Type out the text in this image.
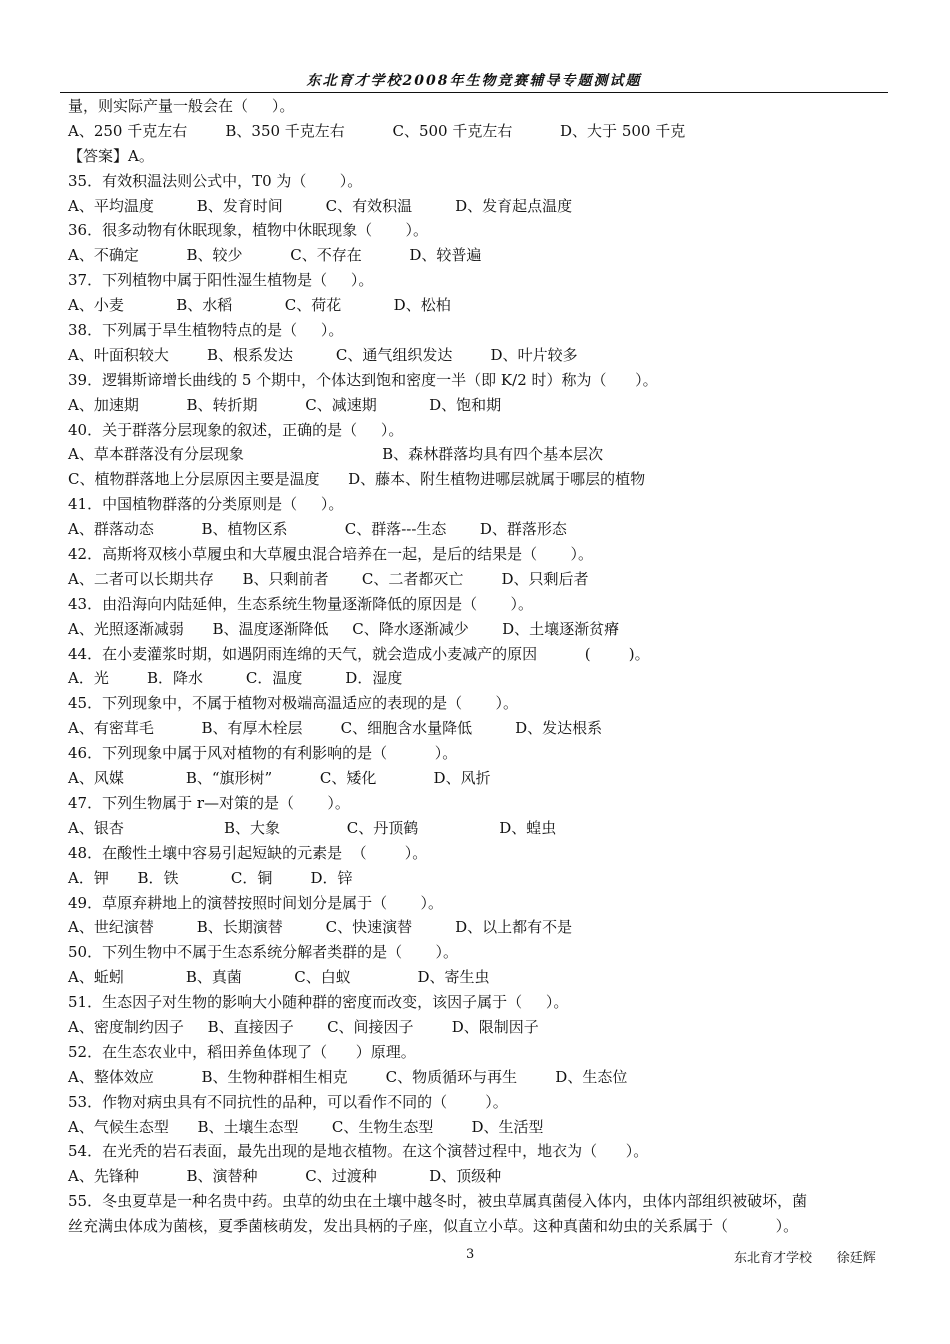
东北育才学校2008年生物竞赛辅导专题测试题
量，则实际产量一般会在（     ）。
A、250 千克左右        B、350 千克左右          C、500 千克左右          D、大于 500 千克
【答案】A。
35．有效积温法则公式中，T0 为（       ）。
A、平均温度         B、发育时间         C、有效积温         D、发育起点温度
36．很多动物有休眠现象，植物中休眠现象（       ）。
A、不确定          B、较少          C、不存在          D、较普遍
37．下列植物中属于阳性湿生植物是（     ）。
A、小麦           B、水稻           C、荷花           D、松柏
38．下列属于旱生植物特点的是（     ）。
A、叶面积较大        B、根系发达         C、通气组织发达        D、叶片较多
39．逻辑斯谛增长曲线的 5 个期中，个体达到饱和密度一半（即 K/2 时）称为（      ）。
A、加速期          B、转折期          C、减速期           D、饱和期
40．关于群落分层现象的叙述，正确的是（     ）。
A、草本群落没有分层现象                             B、森林群落均具有四个基本层次
C、植物群落地上分层原因主要是温度      D、藤本、附生植物进哪层就属于哪层的植物
41．中国植物群落的分类原则是（     ）。
A、群落动态          B、植物区系            C、群落---生态       D、群落形态
42．高斯将双核小草履虫和大草履虫混合培养在一起，是后的结果是（       ）。
A、二者可以长期共存      B、只剩前者       C、二者都灭亡        D、只剩后者
43．由沿海向内陆延伸，生态系统生物量逐渐降低的原因是（       ）。
A、光照逐渐减弱      B、温度逐渐降低     C、降水逐渐减少       D、土壤逐渐贫瘠
44．在小麦灌浆时期，如遇阴雨连绵的天气，就会造成小麦减产的原因          (        )。
A．光        B．降水         C．温度         D．湿度
45．下列现象中，不属于植物对极端高温适应的表现的是（       ）。
A、有密茸毛          B、有厚木栓层        C、细胞含水量降低         D、发达根系
46．下列现象中属于风对植物的有利影响的是（          ）。
A、风媒             B、“旗形树”          C、矮化            D、风折
47．下列生物属于 r—对策的是（       ）。
A、银杏                     B、大象              C、丹顶鹤                 D、蝗虫
48．在酸性土壤中容易引起短缺的元素是  （        ）。
A．钾      B．铁           C．铜        D．锌
49．草原弃耕地上的演替按照时间划分是属于（       ）。
A、世纪演替         B、长期演替         C、快速演替         D、以上都有不是
50．下列生物中不属于生态系统分解者类群的是（       ）。
A、蚯蚓             B、真菌           C、白蚁              D、寄生虫
51．生态因子对生物的影响大小随种群的密度而改变，该因子属于（     ）。
A、密度制约因子     B、直接因子       C、间接因子        D、限制因子
52．在生态农业中，稻田养鱼体现了（      ）原理。
A、整体效应          B、生物种群相生相克        C、物质循环与再生        D、生态位
53．作物对病虫具有不同抗性的品种，可以看作不同的（        ）。
A、气候生态型      B、土壤生态型       C、生物生态型        D、生活型
54．在光秃的岩石表面，最先出现的是地衣植物。在这个演替过程中，地衣为（      ）。
A、先锋种          B、演替种          C、过渡种           D、顶级种
55．冬虫夏草是一种名贵中药。虫草的幼虫在土壤中越冬时，被虫草属真菌侵入体内，虫体内部组织被破坏，菌
丝充满虫体成为菌核，夏季菌核萌发，发出具柄的子座，似直立小草。这种真菌和幼虫的关系属于（          ）。
3	东北育才学校      徐廷辉
